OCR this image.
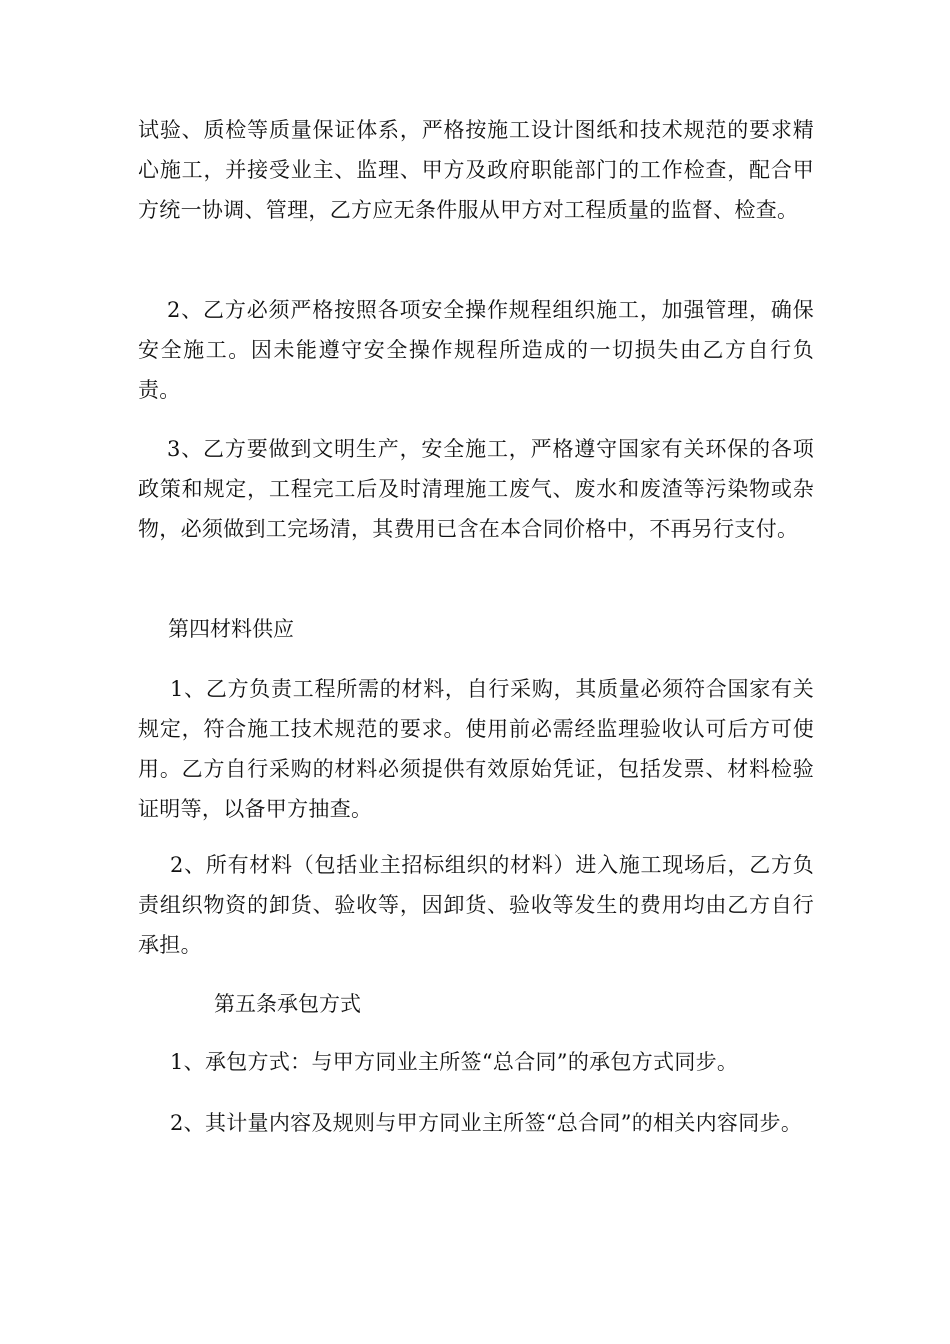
试验、质检等质量保证体系，严格按施工设计图纸和技术规范的要求精心施工，并接受业主、监理、甲方及政府职能部门的工作检查，配合甲方统一协调、管理，乙方应无条件服从甲方对工程质量的监督、检查。

2、乙方必须严格按照各项安全操作规程组织施工，加强管理，确保安全施工。因未能遵守安全操作规程所造成的一切损失由乙方自行负责。

3、乙方要做到文明生产，安全施工，严格遵守国家有关环保的各项政策和规定，工程完工后及时清理施工废气、废水和废渣等污染物或杂物，必须做到工完场清，其费用已含在本合同价格中，不再另行支付。

第四材料供应

1、乙方负责工程所需的材料，自行采购，其质量必须符合国家有关规定，符合施工技术规范的要求。使用前必需经监理验收认可后方可使用。乙方自行采购的材料必须提供有效原始凭证，包括发票、材料检验证明等，以备甲方抽查。

2、所有材料（包括业主招标组织的材料）进入施工现场后，乙方负责组织物资的卸货、验收等，因卸货、验收等发生的费用均由乙方自行承担。

第五条承包方式

1、承包方式：与甲方同业主所签“总合同”的承包方式同步。

2、其计量内容及规则与甲方同业主所签“总合同”的相关内容同步。
